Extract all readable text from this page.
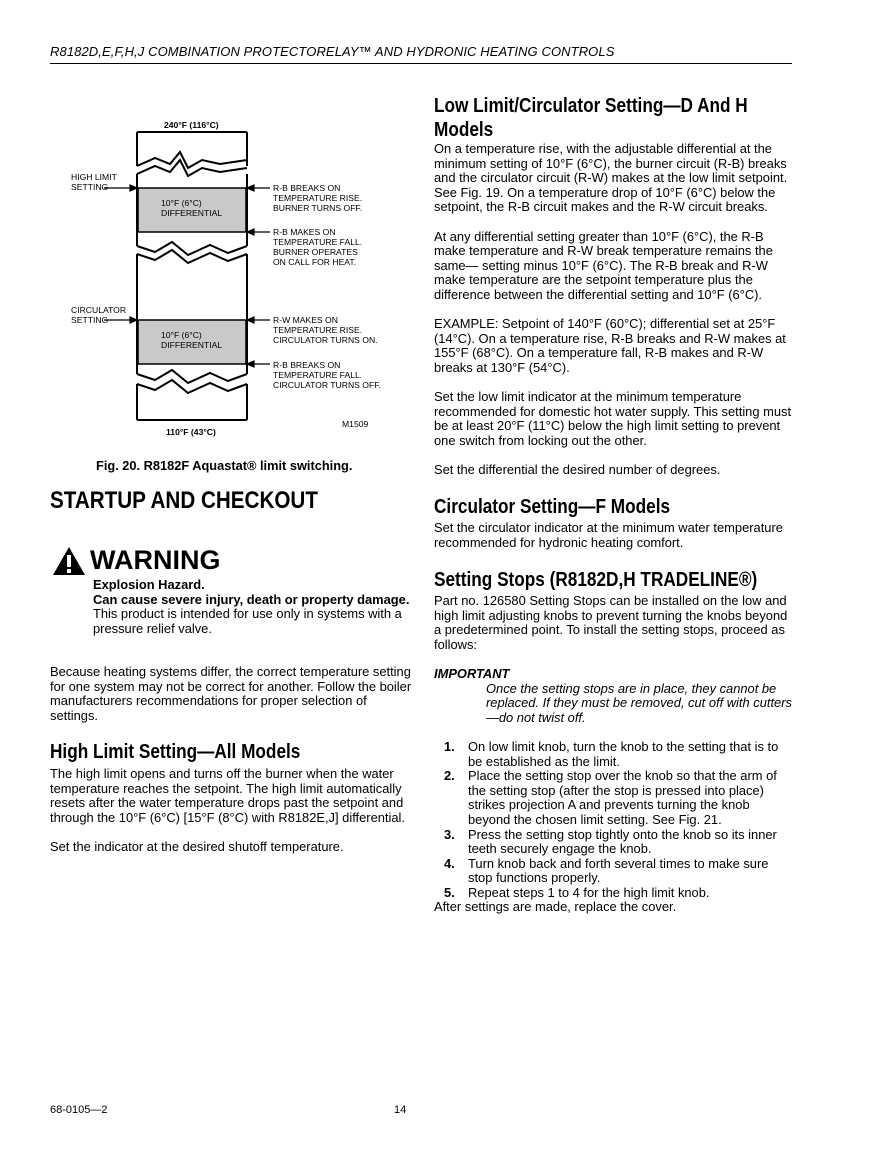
R8182D,E,F,H,J COMBINATION PROTECTORELAY™ AND HYDRONIC HEATING CONTROLS
240°F (116°C)
110°F (43°C)
HIGH LIMIT
SETTING
CIRCULATOR
SETTING
10°F (6°C)
DIFFERENTIAL
10°F (6°C)
DIFFERENTIAL
R-B BREAKS ON
TEMPERATURE RISE.
BURNER TURNS OFF.
R-B MAKES ON
TEMPERATURE FALL.
BURNER OPERATES
ON CALL FOR HEAT.
R-W MAKES ON
TEMPERATURE RISE.
CIRCULATOR TURNS ON.
R-B BREAKS ON
TEMPERATURE FALL.
CIRCULATOR TURNS OFF.
M1509
Fig. 20. R8182F Aquastat® limit switching.
STARTUP AND CHECKOUT
WARNING

Explosion Hazard.

Can cause severe injury, death or property damage.

This product is intended for use only in systems with a pressure relief valve.

Because heating systems differ, the correct temperature setting for one system may not be correct for another. Follow the boiler manufacturers recommendations for proper selection of settings.

High Limit Setting—All Models

The high limit opens and turns off the burner when the water temperature reaches the setpoint. The high limit automatically resets after the water temperature drops past the setpoint and through the 10°F (6°C) [15°F (8°C) with R8182E,J] differential.

Set the indicator at the desired shutoff temperature.

Low Limit/Circulator Setting—D And H
Models

On a temperature rise, with the adjustable differential at the minimum setting of 10°F (6°C), the burner circuit (R-B) breaks and the circulator circuit (R-W) makes at the low limit setpoint. See Fig. 19. On a temperature drop of 10°F (6°C) below the setpoint, the R-B circuit makes and the R-W circuit breaks.

At any differential setting greater than 10°F (6°C), the R-B make temperature and R-W break temperature remains the same— setting minus 10°F (6°C). The R-B break and R-W make temperature are the setpoint temperature plus the difference between the differential setting and 10°F (6°C).

EXAMPLE: Setpoint of 140°F (60°C); differential set at 25°F (14°C). On a temperature rise, R-B breaks and R-W makes at 155°F (68°C). On a temperature fall, R-B makes and R-W breaks at 130°F (54°C).

Set the low limit indicator at the minimum temperature recommended for domestic hot water supply. This setting must be at least 20°F (11°C) below the high limit setting to prevent one switch from locking out the other.

Set the differential the desired number of degrees.

Circulator Setting—F Models

Set the circulator indicator at the minimum water temperature recommended for hydronic heating comfort.

Setting Stops (R8182D,H TRADELINE®)

Part no. 126580 Setting Stops can be installed on the low and high limit adjusting knobs to prevent turning the knobs beyond a predetermined point. To install the setting stops, proceed as follows:

IMPORTANT

Once the setting stops are in place, they cannot be replaced. If they must be removed, cut off with cutters—do not twist off.

1. On low limit knob, turn the knob to the setting that is to be established as the limit.
2. Place the setting stop over the knob so that the arm of the setting stop (after the stop is pressed into place) strikes projection A and prevents turning the knob beyond the chosen limit setting. See Fig. 21.
3. Press the setting stop tightly onto the knob so its inner teeth securely engage the knob.
4. Turn knob back and forth several times to make sure stop functions properly.
5. Repeat steps 1 to 4 for the high limit knob.

After settings are made, replace the cover.

68-0105—2	14
